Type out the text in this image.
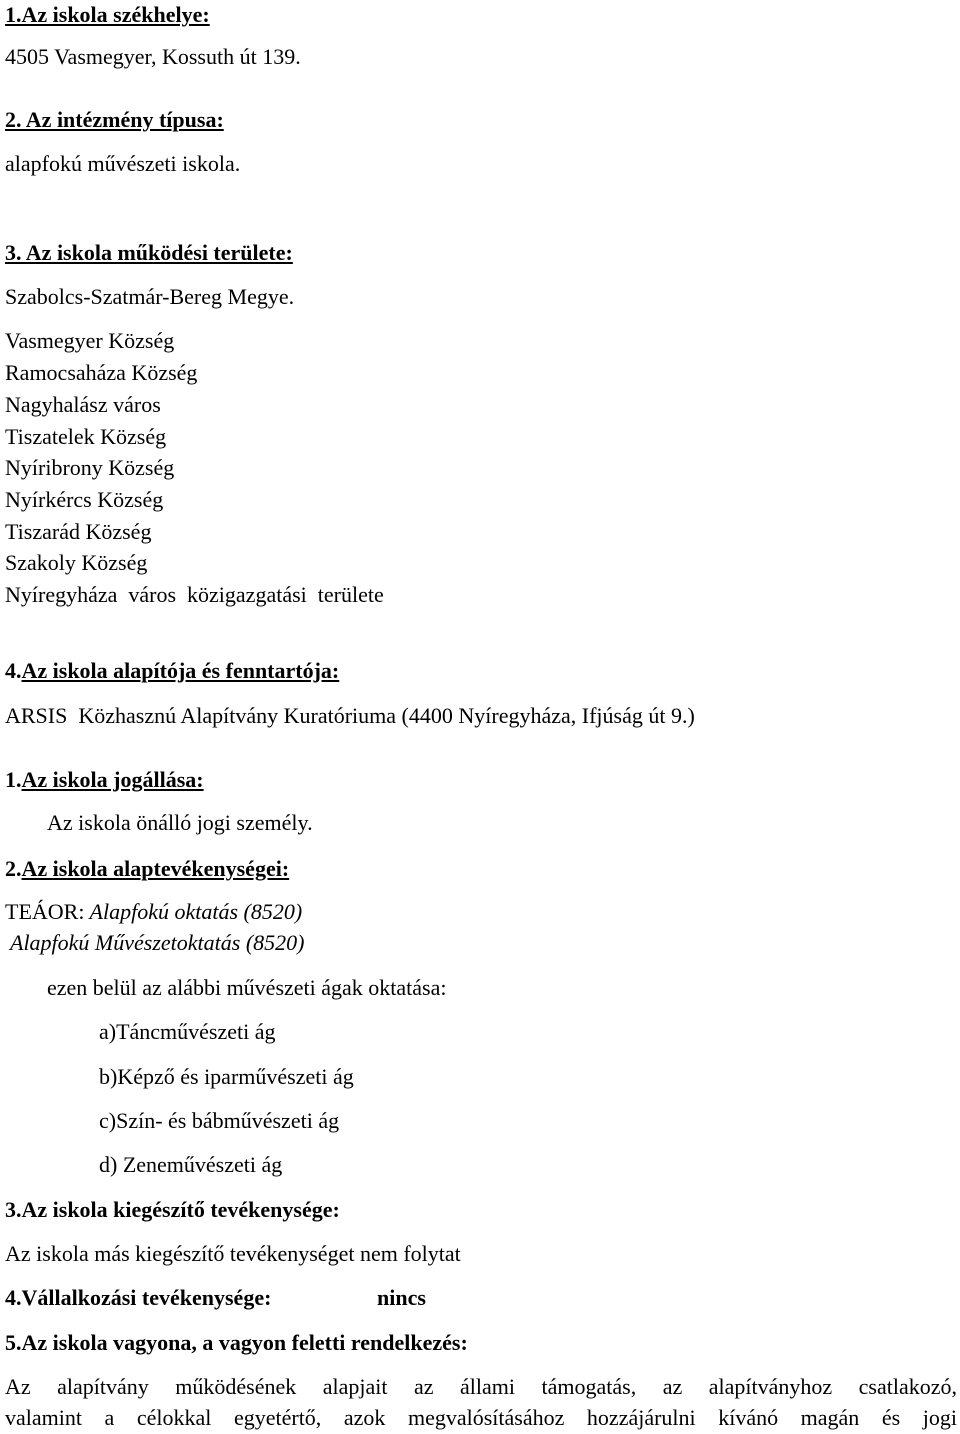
1.Az iskola székhelye:
4505 Vasmegyer, Kossuth út 139.
2. Az intézmény típusa:
alapfokú művészeti iskola.
3. Az iskola működési területe:
Szabolcs-Szatmár-Bereg Megye.
Vasmegyer Község
Ramocsaháza Község
Nagyhalász város
Tiszatelek Község
Nyíribrony Község
Nyírkércs Község
Tiszarád Község
Szakoly Község
Nyíregyháza  város  közigazgatási  területe
4.Az iskola alapítója és fenntartója:
ARSIS  Közhasznú Alapítvány Kuratóriuma (4400 Nyíregyháza, Ifjúság út 9.)
1.Az iskola jogállása:
Az iskola önálló jogi személy.
2.Az iskola alaptevékenységei:
TEÁOR: Alapfokú oktatás (8520)
Alapfokú Művészetoktatás (8520)
ezen belül az alábbi művészeti ágak oktatása:
a)Táncművészeti ág
b)Képző és iparművészeti ág
c)Szín- és bábművészeti ág
d) Zeneművészeti ág
3.Az iskola kiegészítő tevékenysége:
Az iskola más kiegészítő tevékenységet nem folytat
4.Vállalkozási tevékenysége:	nincs
5.Az iskola vagyona, a vagyon feletti rendelkezés:
Az alapítvány működésének alapjait az állami támogatás, az alapítványhoz csatlakozó,
valamint a célokkal egyetértő, azok megvalósításához hozzájárulni kívánó magán és jogi
